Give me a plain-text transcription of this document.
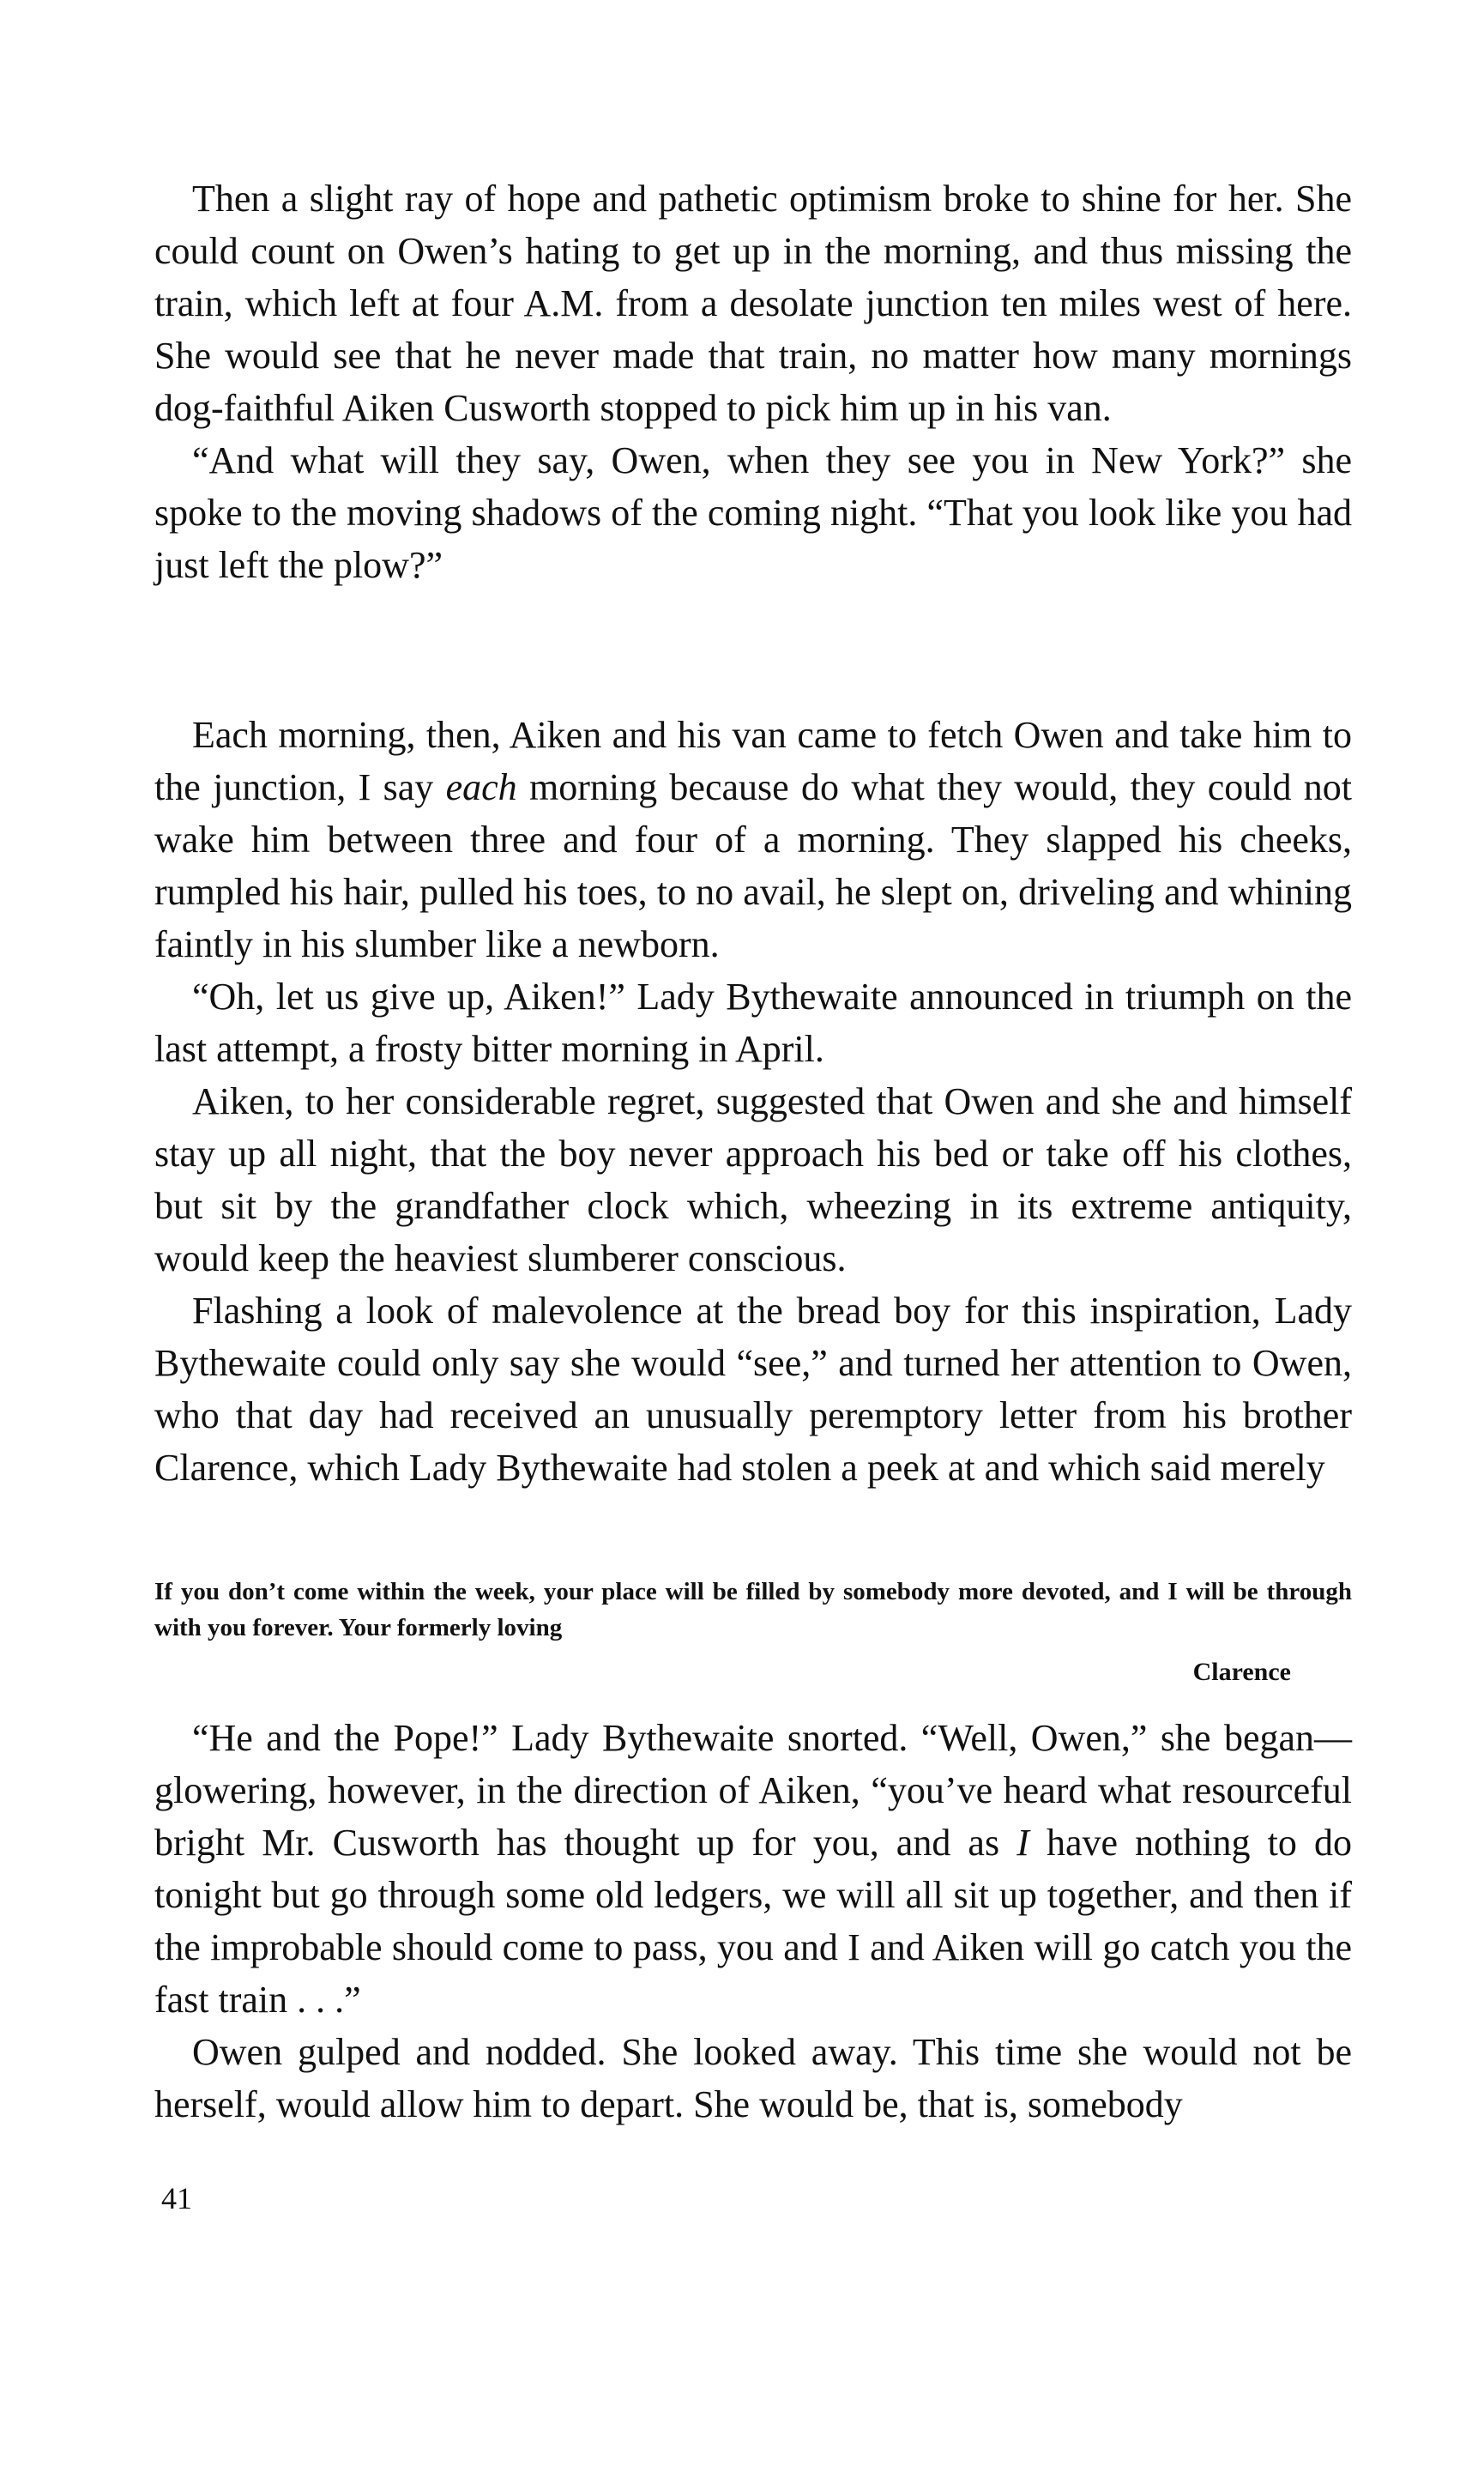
Then a slight ray of hope and pathetic optimism broke to shine for her. She could count on Owen’s hating to get up in the morning, and thus missing the train, which left at four A.M. from a desolate junction ten miles west of here. She would see that he never made that train, no matter how many mornings dog-faithful Aiken Cusworth stopped to pick him up in his van.

“And what will they say, Owen, when they see you in New York?” she spoke to the moving shadows of the coming night. “That you look like you had just left the plow?”

Each morning, then, Aiken and his van came to fetch Owen and take him to the junction, I say each morning because do what they would, they could not wake him between three and four of a morning. They slapped his cheeks, rumpled his hair, pulled his toes, to no avail, he slept on, driveling and whining faintly in his slumber like a newborn.

“Oh, let us give up, Aiken!” Lady Bythewaite announced in triumph on the last attempt, a frosty bitter morning in April.

Aiken, to her considerable regret, suggested that Owen and she and himself stay up all night, that the boy never approach his bed or take off his clothes, but sit by the grandfather clock which, wheezing in its extreme antiquity, would keep the heaviest slumberer conscious.

Flashing a look of malevolence at the bread boy for this inspiration, Lady Bythewaite could only say she would “see,” and turned her attention to Owen, who that day had received an unusually peremptory letter from his brother Clarence, which Lady Bythewaite had stolen a peek at and which said merely

If you don’t come within the week, your place will be filled by somebody more devoted, and I will be through with you forever. Your formerly loving

Clarence

“He and the Pope!” Lady Bythewaite snorted. “Well, Owen,” she began—glowering, however, in the direction of Aiken, “you’ve heard what resourceful bright Mr. Cusworth has thought up for you, and as I have nothing to do tonight but go through some old ledgers, we will all sit up together, and then if the improbable should come to pass, you and I and Aiken will go catch you the fast train . . .”

Owen gulped and nodded. She looked away. This time she would not be herself, would allow him to depart. She would be, that is, somebody

41
